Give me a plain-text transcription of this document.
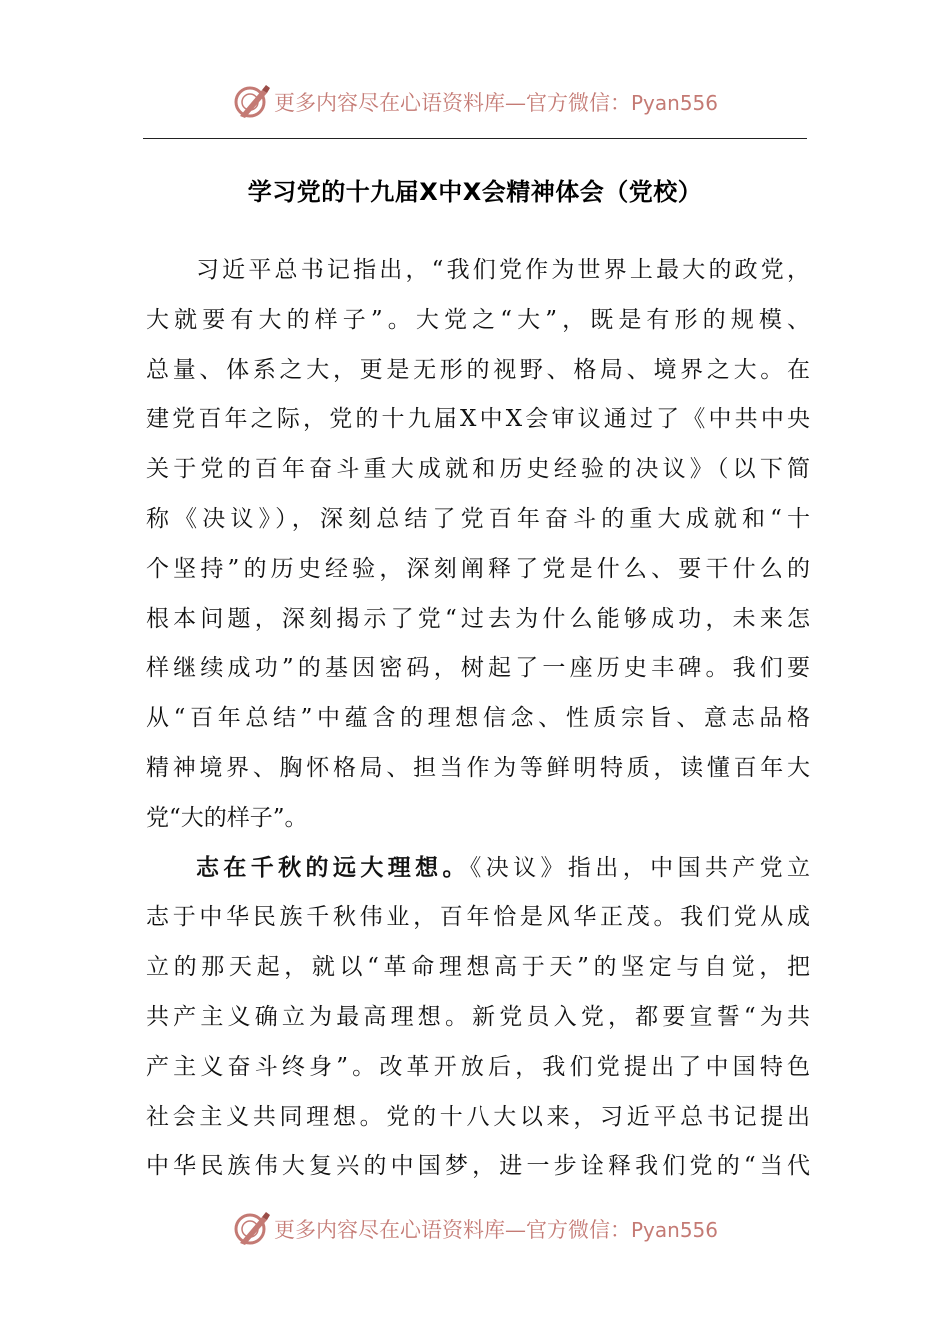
更多内容尽在心语资料库—官方微信：Pyan556
学习党的十九届X中X会精神体会（党校）
习近平总书记指出，“我们党作为世界上最大的政党，
大就要有大的样子”。大党之“大”，既是有形的规模、
总量、体系之大，更是无形的视野、格局、境界之大。在
建党百年之际，党的十九届X中X会审议通过了《中共中央
关于党的百年奋斗重大成就和历史经验的决议》（以下简
称《决议》），深刻总结了党百年奋斗的重大成就和“十
个坚持”的历史经验，深刻阐释了党是什么、要干什么的
根本问题，深刻揭示了党“过去为什么能够成功，未来怎
样继续成功”的基因密码，树起了一座历史丰碑。我们要
从“百年总结”中蕴含的理想信念、性质宗旨、意志品格
精神境界、胸怀格局、担当作为等鲜明特质，读懂百年大
党“大的样子”。
志在千秋的远大理想。《决议》指出，中国共产党立
志于中华民族千秋伟业，百年恰是风华正茂。我们党从成
立的那天起，就以“革命理想高于天”的坚定与自觉，把
共产主义确立为最高理想。新党员入党，都要宣誓“为共
产主义奋斗终身”。改革开放后，我们党提出了中国特色
社会主义共同理想。党的十八大以来，习近平总书记提出
中华民族伟大复兴的中国梦，进一步诠释我们党的“当代
更多内容尽在心语资料库—官方微信：Pyan556
